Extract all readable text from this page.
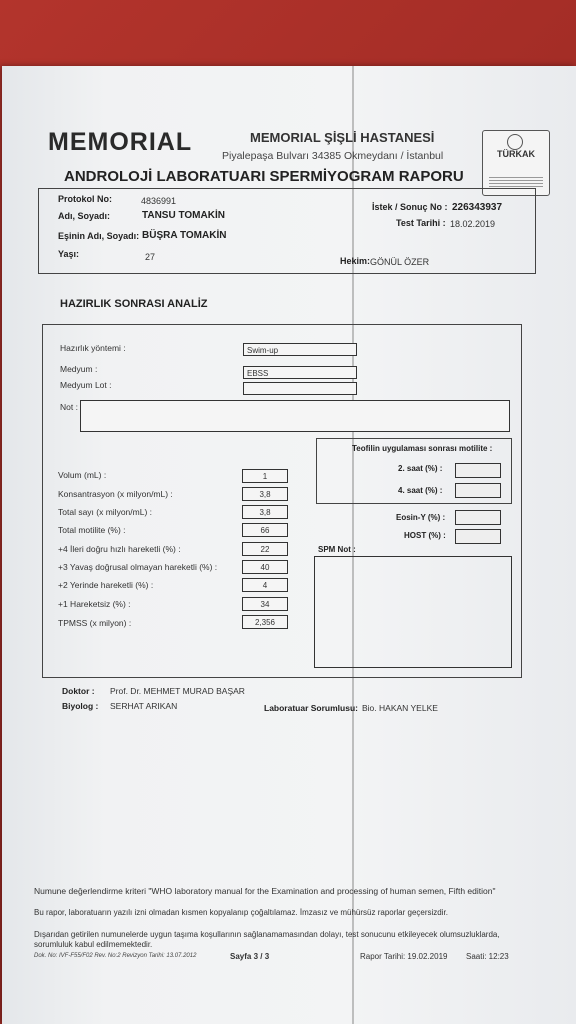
MEMORIAL	MEMORIAL ŞİŞLİ HASTANESİ
Piyalepaşa Bulvarı 34385 Okmeydanı / İstanbul
ANDROLOJİ LABORATUARI SPERMİYOGRAM RAPORU
TÜRKAK
Protokol No:	4836991
Adı, Soyadı:	TANSU TOMAKİN
Eşinin Adı, Soyadı: BÜŞRA TOMAKİN
Yaşı:	27
İstek / Sonuç No : 226343937
Test Tarihi : 18.02.2019
Hekim: GÖNÜL ÖZER
HAZIRLIK SONRASI ANALİZ
Hazırlık yöntemi :	Swim-up
Medyum :	EBSS
Medyum Lot :
Not :
Volum (mL) :	1
Konsantrasyon (x milyon/mL) :	3,8
Total sayı (x milyon/mL) :	3,8
Total motilite (%) :	66
+4 İleri doğru hızlı hareketli (%) :	22
+3 Yavaş doğrusal olmayan hareketli (%) :	40
+2 Yerinde hareketli (%) :	4
+1 Hareketsiz (%) :	34
TPMSS (x milyon) :	2,356
Teofilin uygulaması sonrası motilite :
2. saat (%) :
4. saat (%) :
Eosin-Y (%) :
HOST (%) :
SPM Not :
Doktor : Prof. Dr. MEHMET MURAD BAŞAR
Biyolog : SERHAT ARIKAN	Laboratuar Sorumlusu: Bio. HAKAN YELKE
Numune değerlendirme kriteri "WHO laboratory manual for the Examination and processing of human semen, Fifth edition"
Bu rapor, laboratuarın yazılı izni olmadan kısmen kopyalanıp çoğaltılamaz. İmzasız ve mühürsüz raporlar geçersizdir.
Dışarıdan getirilen numunelerde uygun taşıma koşullarının sağlanamamasından dolayı, test sonucunu etkileyecek olumsuzluklarda, sorumluluk kabul edilmemektedir.
Dok. No: IVF-F55/F02 Rev. No:2 Revizyon Tarihi: 13.07.2012	Sayfa 3 / 3	Rapor Tarihi: 19.02.2019 Saati: 12:23
